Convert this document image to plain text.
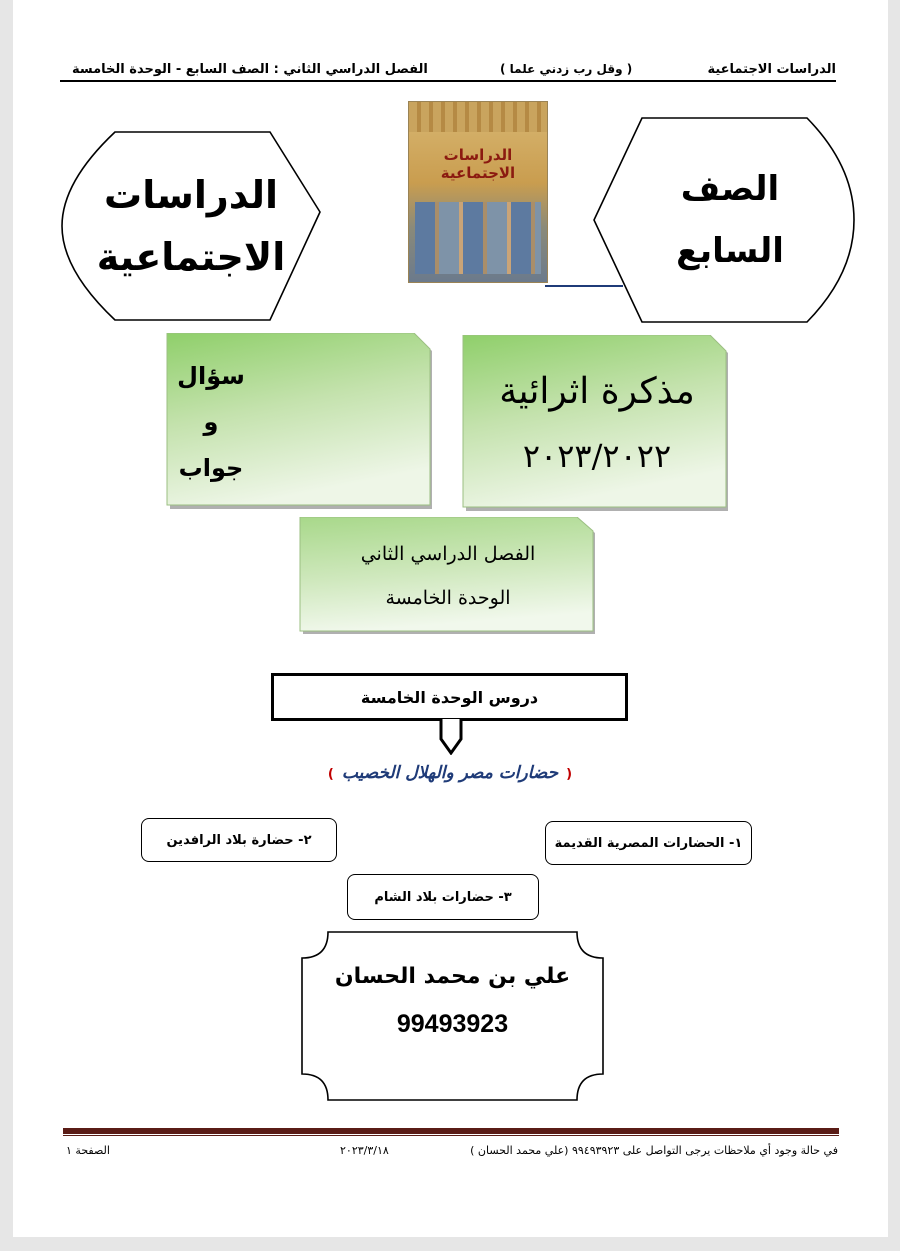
الدراسات الاجتماعية
( وقل رب زدني علما )
الفصل الدراسي الثاني : الصف السابع - الوحدة الخامسة
الدراسات
الاجتماعية
الدراسات الاجتماعية	الصف
السابع
سؤال
و
جواب
مذكرة اثرائية
٢٠٢٣/٢٠٢٢
الفصل الدراسي الثاني
الوحدة الخامسة
دروس الوحدة الخامسة
(حضارات مصر والهلال الخصيب)
١- الحضارات المصرية القديمة
٢- حضارة بلاد الرافدين
٣- حضارات بلاد الشام
علي بن محمد الحسان
99493923
في حالة وجود أي ملاحظات يرجى التواصل على ٩٩٤٩٣٩٢٣ (علي محمد الحسان )
٢٠٢٣/٣/١٨
الصفحة ١
